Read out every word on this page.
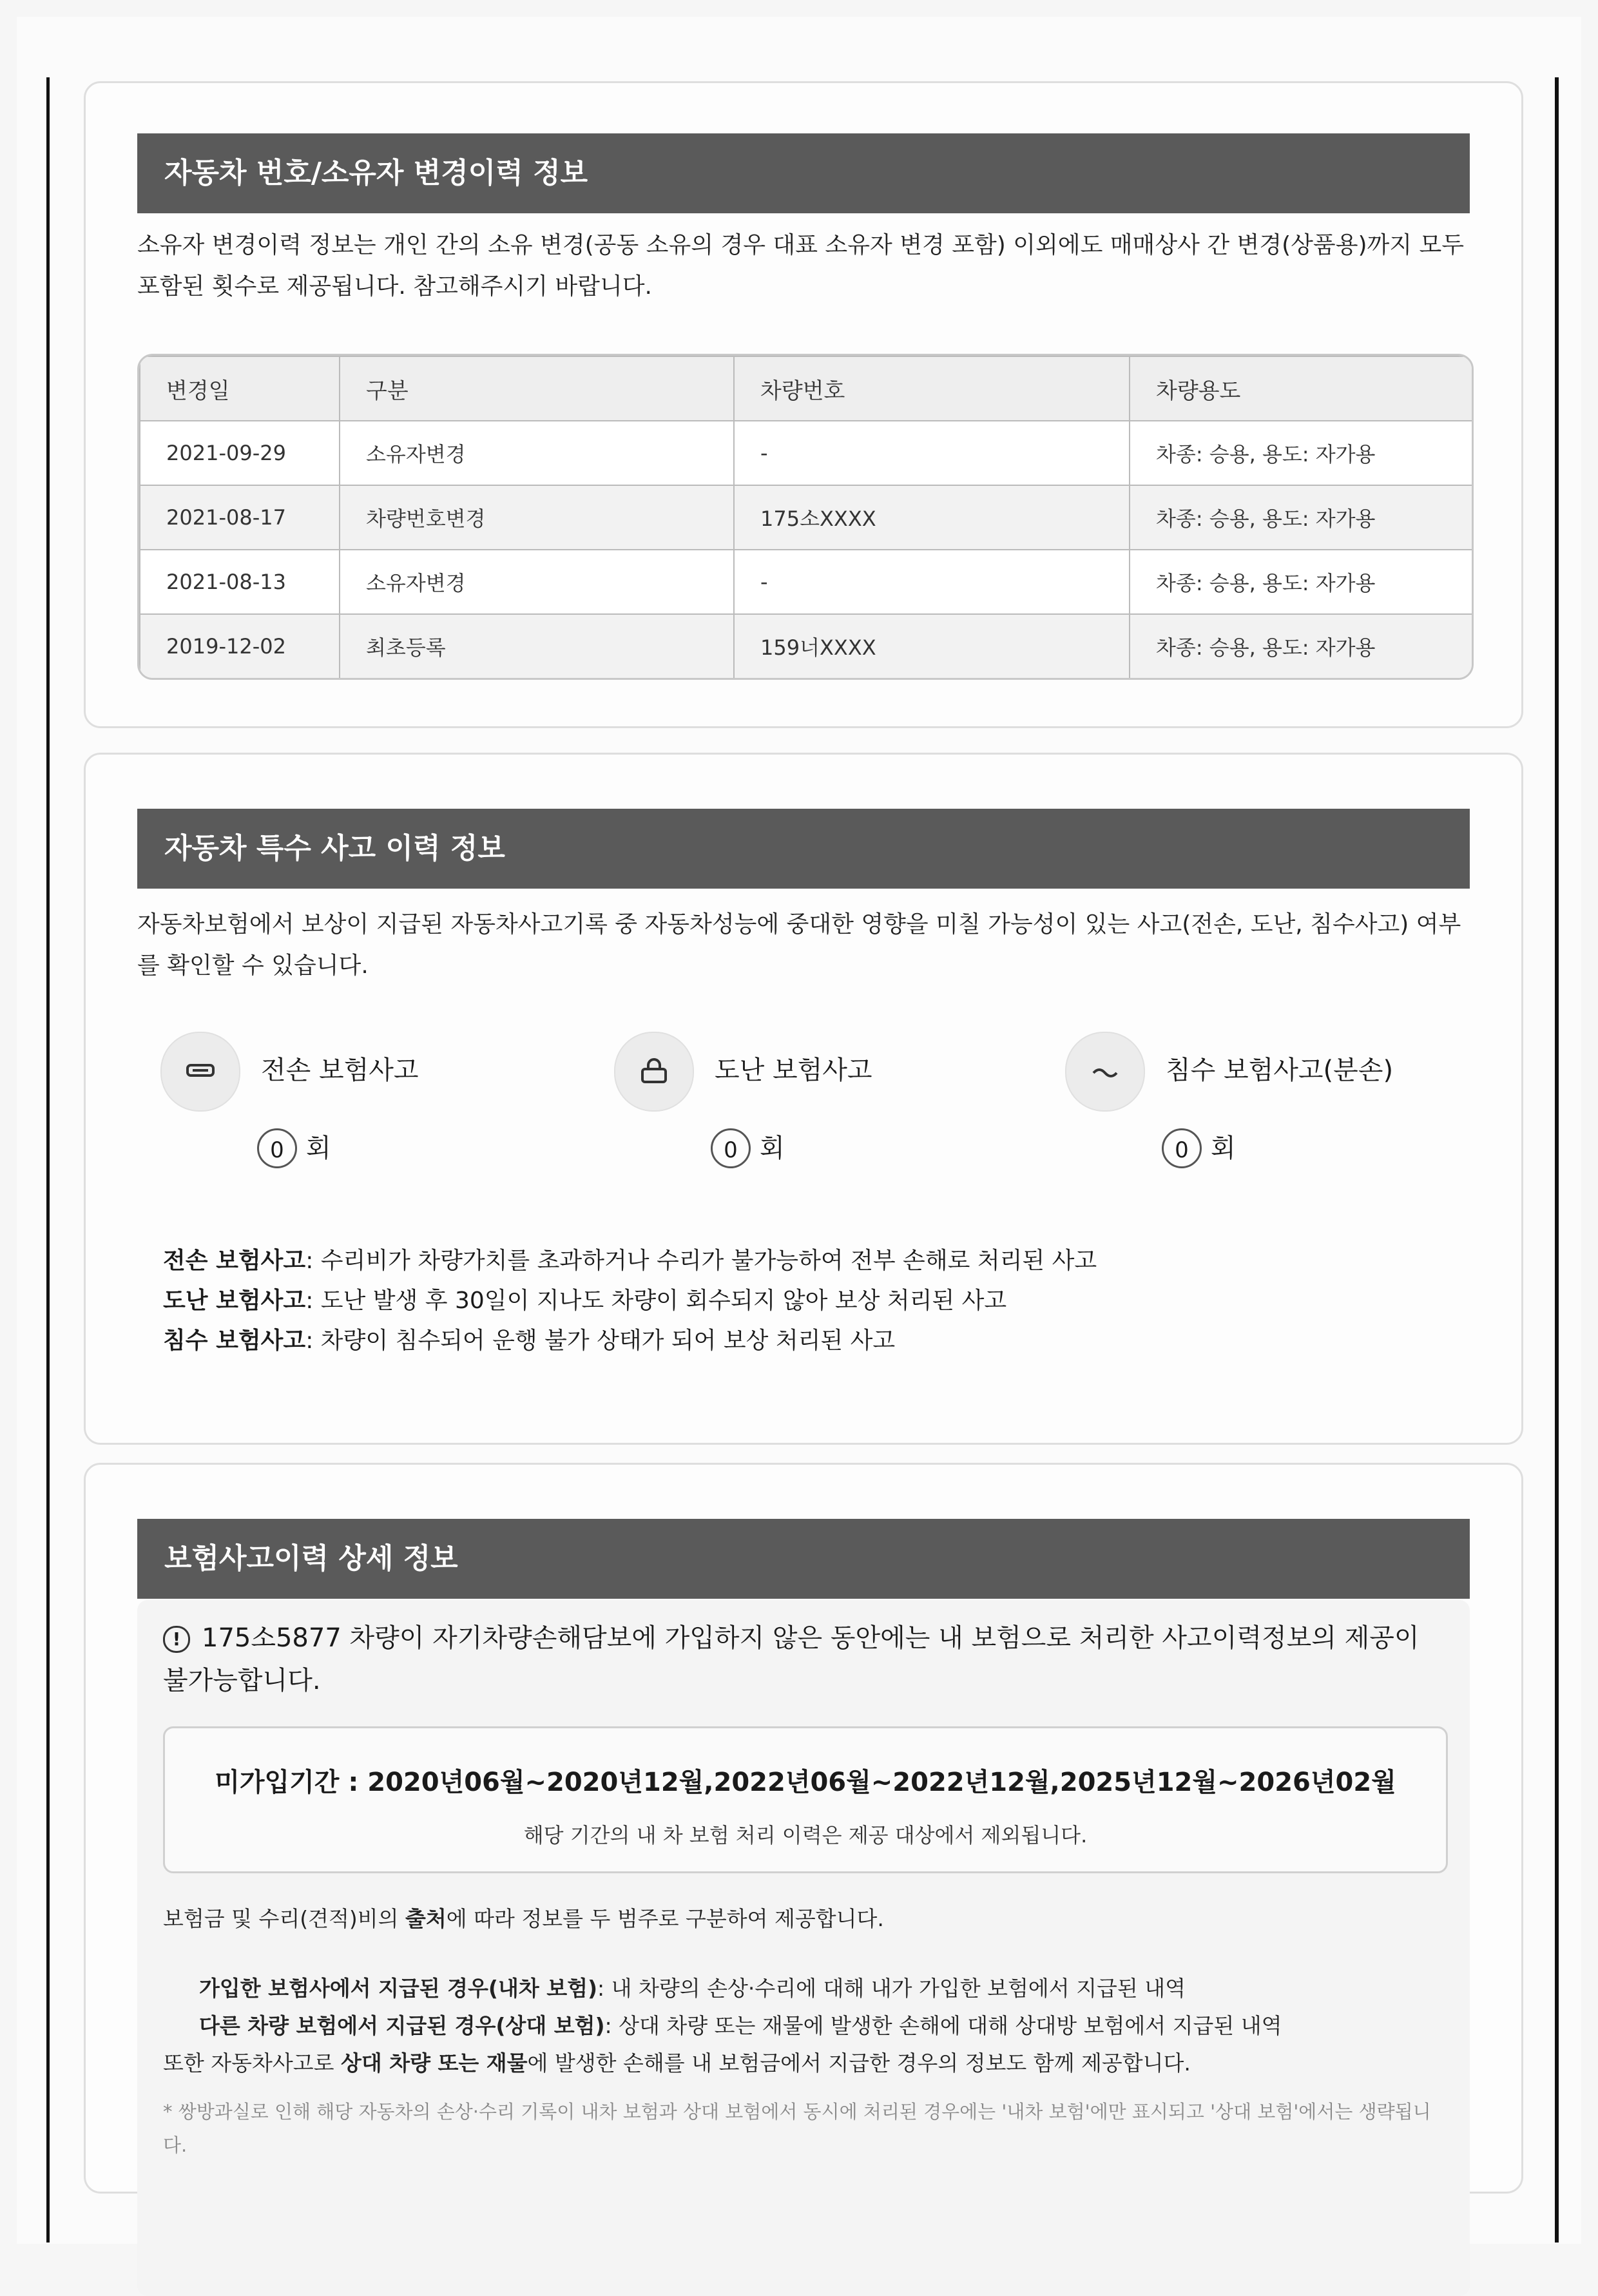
자동차 번호/소유자 변경이력 정보
소유자 변경이력 정보는 개인 간의 소유 변경(공동 소유의 경우 대표 소유자 변경 포함) 이외에도 매매상사 간 변경(상품용)까지 모두 포함된 횟수로 제공됩니다. 참고해주시기 바랍니다.
변경일	구분	차량번호	차량용도
2021-09-29	소유자변경	-	차종: 승용, 용도: 자가용
2021-08-17	차량번호변경	175소XXXX	차종: 승용, 용도: 자가용
2021-08-13	소유자변경	-	차종: 승용, 용도: 자가용
2019-12-02	최초등록	159너XXXX	차종: 승용, 용도: 자가용
자동차 특수 사고 이력 정보
자동차보험에서 보상이 지급된 자동차사고기록 중 자동차성능에 중대한 영향을 미칠 가능성이 있는 사고(전손, 도난, 침수사고) 여부를 확인할 수 있습니다.
전손 보험사고
0 회
도난 보험사고
0 회
침수 보험사고(분손)
0 회
전손 보험사고: 수리비가 차량가치를 초과하거나 수리가 불가능하여 전부 손해로 처리된 사고
도난 보험사고: 도난 발생 후 30일이 지나도 차량이 회수되지 않아 보상 처리된 사고
침수 보험사고: 차량이 침수되어 운행 불가 상태가 되어 보상 처리된 사고
보험사고이력 상세 정보
! 175소5877 차량이 자기차량손해담보에 가입하지 않은 동안에는 내 보험으로 처리한 사고이력정보의 제공이 불가능합니다.
미가입기간 : 2020년06월~2020년12월,2022년06월~2022년12월,2025년12월~2026년02월
해당 기간의 내 차 보험 처리 이력은 제공 대상에서 제외됩니다.
보험금 및 수리(견적)비의 출처에 따라 정보를 두 범주로 구분하여 제공합니다.
가입한 보험사에서 지급된 경우(내차 보험): 내 차량의 손상·수리에 대해 내가 가입한 보험에서 지급된 내역
다른 차량 보험에서 지급된 경우(상대 보험): 상대 차량 또는 재물에 발생한 손해에 대해 상대방 보험에서 지급된 내역
또한 자동차사고로 상대 차량 또는 재물에 발생한 손해를 내 보험금에서 지급한 경우의 정보도 함께 제공합니다.
* 쌍방과실로 인해 해당 자동차의 손상·수리 기록이 내차 보험과 상대 보험에서 동시에 처리된 경우에는 '내차 보험'에만 표시되고 '상대 보험'에서는 생략됩니다.
